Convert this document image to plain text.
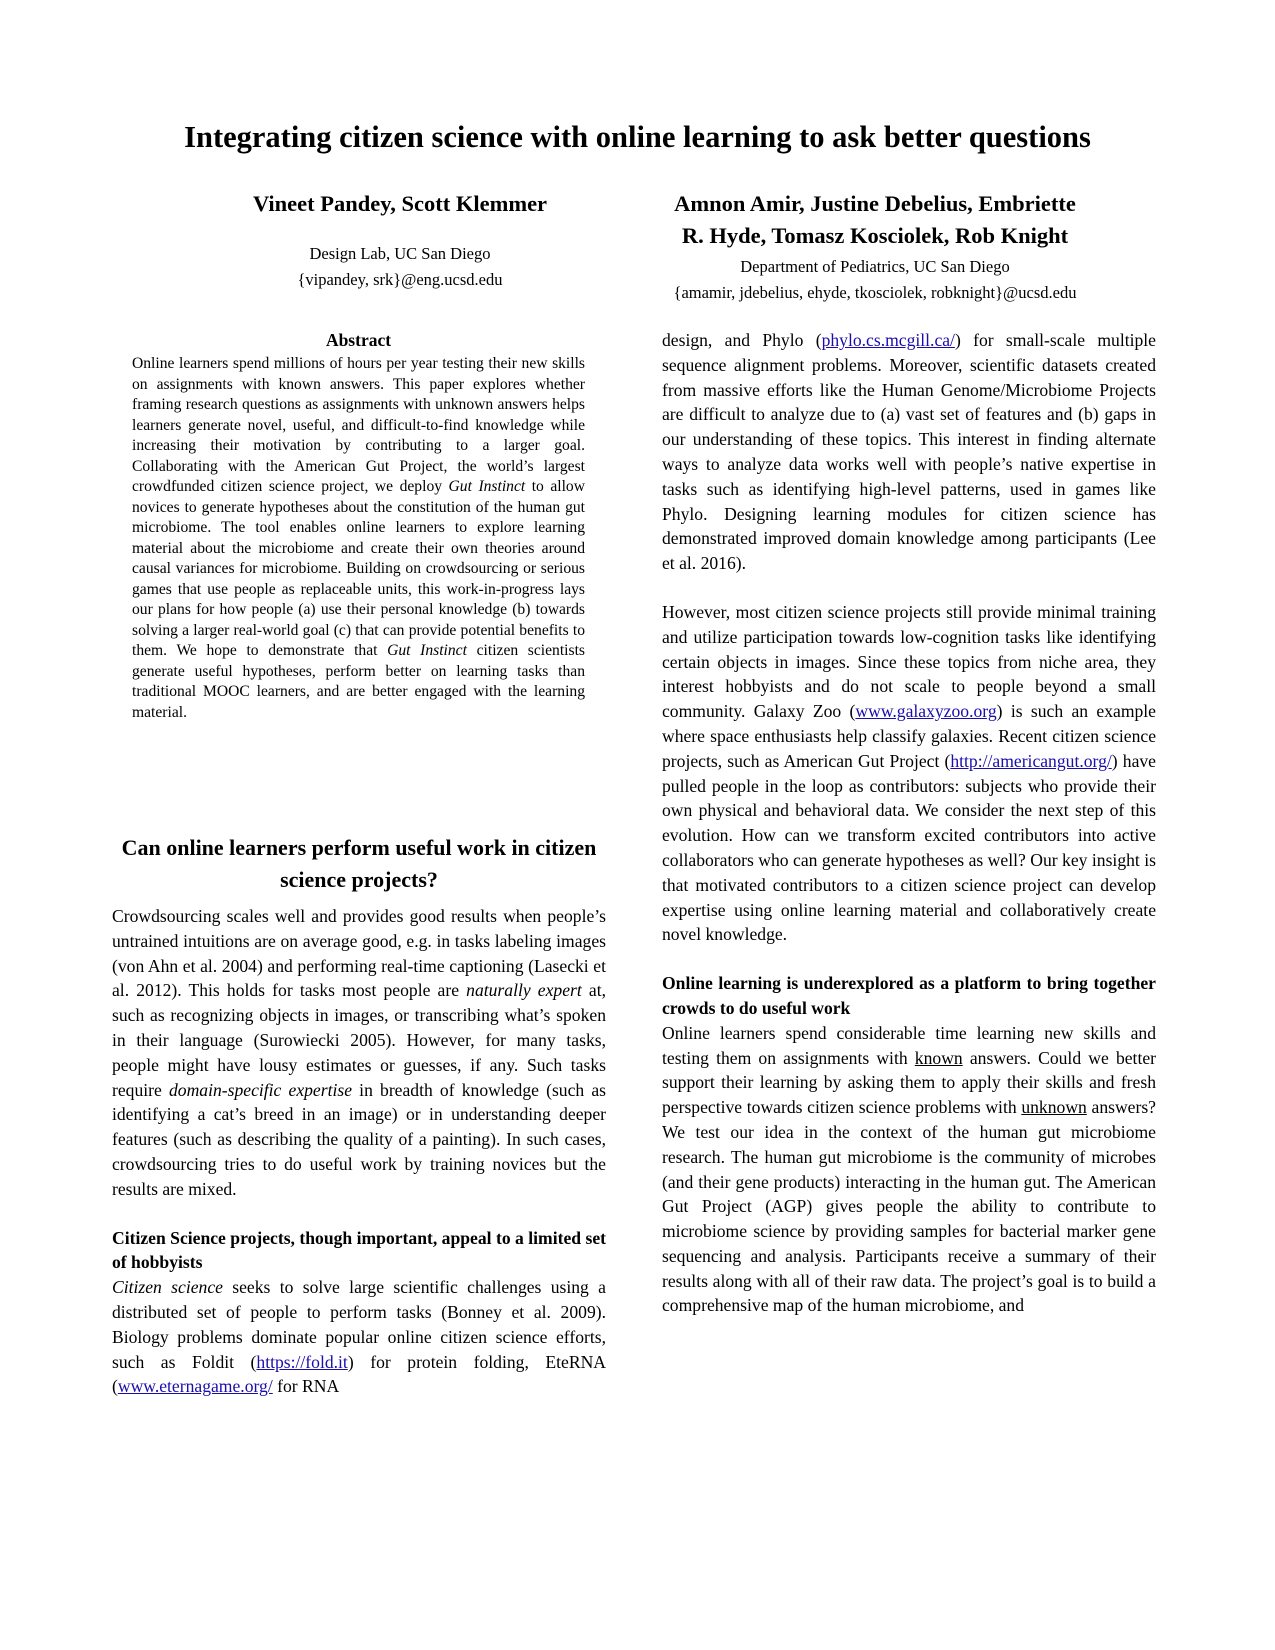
Integrating citizen science with online learning to ask better questions
Vineet Pandey, Scott Klemmer
Design Lab, UC San Diego
{vipandey, srk}@eng.ucsd.edu
Amnon Amir, Justine Debelius, Embriette
R. Hyde, Tomasz Kosciolek, Rob Knight
Department of Pediatrics, UC San Diego
{amamir, jdebelius, ehyde, tkosciolek, robknight}@ucsd.edu
Abstract
Online learners spend millions of hours per year testing their new skills on assignments with known answers. This paper explores whether framing research questions as assignments with unknown answers helps learners generate novel, useful, and difficult-to-find knowledge while increasing their motivation by contributing to a larger goal. Collaborating with the American Gut Project, the world’s largest crowdfunded citizen science project, we deploy Gut Instinct to allow novices to generate hypotheses about the constitution of the human gut microbiome. The tool enables online learners to explore learning material about the microbiome and create their own theories around causal variances for microbiome. Building on crowdsourcing or serious games that use people as replaceable units, this work-in-progress lays our plans for how people (a) use their personal knowledge (b) towards solving a larger real-world goal (c) that can provide potential benefits to them. We hope to demonstrate that Gut Instinct citizen scientists generate useful hypotheses, perform better on learning tasks than traditional MOOC learners, and are better engaged with the learning material.
Can online learners perform useful work in citizen science projects?
Crowdsourcing scales well and provides good results when people’s untrained intuitions are on average good, e.g. in tasks labeling images (von Ahn et al. 2004) and performing real-time captioning (Lasecki et al. 2012). This holds for tasks most people are naturally expert at, such as recognizing objects in images, or transcribing what’s spoken in their language (Surowiecki 2005). However, for many tasks, people might have lousy estimates or guesses, if any. Such tasks require domain-specific expertise in breadth of knowledge (such as identifying a cat’s breed in an image) or in understanding deeper features (such as describing the quality of a painting). In such cases, crowdsourcing tries to do useful work by training novices but the results are mixed.
Citizen Science projects, though important, appeal to a limited set of hobbyists
Citizen science seeks to solve large scientific challenges using a distributed set of people to perform tasks (Bonney et al. 2009). Biology problems dominate popular online citizen science efforts, such as Foldit (https://fold.it) for protein folding, EteRNA (www.eternagame.org/ for RNA
design, and Phylo (phylo.cs.mcgill.ca/) for small-scale multiple sequence alignment problems. Moreover, scientific datasets created from massive efforts like the Human Genome/Microbiome Projects are difficult to analyze due to (a) vast set of features and (b) gaps in our understanding of these topics. This interest in finding alternate ways to analyze data works well with people’s native expertise in tasks such as identifying high-level patterns, used in games like Phylo. Designing learning modules for citizen science has demonstrated improved domain knowledge among participants (Lee et al. 2016).
However, most citizen science projects still provide minimal training and utilize participation towards low-cognition tasks like identifying certain objects in images. Since these topics from niche area, they interest hobbyists and do not scale to people beyond a small community. Galaxy Zoo (www.galaxyzoo.org) is such an example where space enthusiasts help classify galaxies. Recent citizen science projects, such as American Gut Project (http://americangut.org/) have pulled people in the loop as contributors: subjects who provide their own physical and behavioral data. We consider the next step of this evolution. How can we transform excited contributors into active collaborators who can generate hypotheses as well? Our key insight is that motivated contributors to a citizen science project can develop expertise using online learning material and collaboratively create novel knowledge.
Online learning is underexplored as a platform to bring together crowds to do useful work
Online learners spend considerable time learning new skills and testing them on assignments with known answers. Could we better support their learning by asking them to apply their skills and fresh perspective towards citizen science problems with unknown answers? We test our idea in the context of the human gut microbiome research. The human gut microbiome is the community of microbes (and their gene products) interacting in the human gut. The American Gut Project (AGP) gives people the ability to contribute to microbiome science by providing samples for bacterial marker gene sequencing and analysis. Participants receive a summary of their results along with all of their raw data. The project’s goal is to build a comprehensive map of the human microbiome, and
